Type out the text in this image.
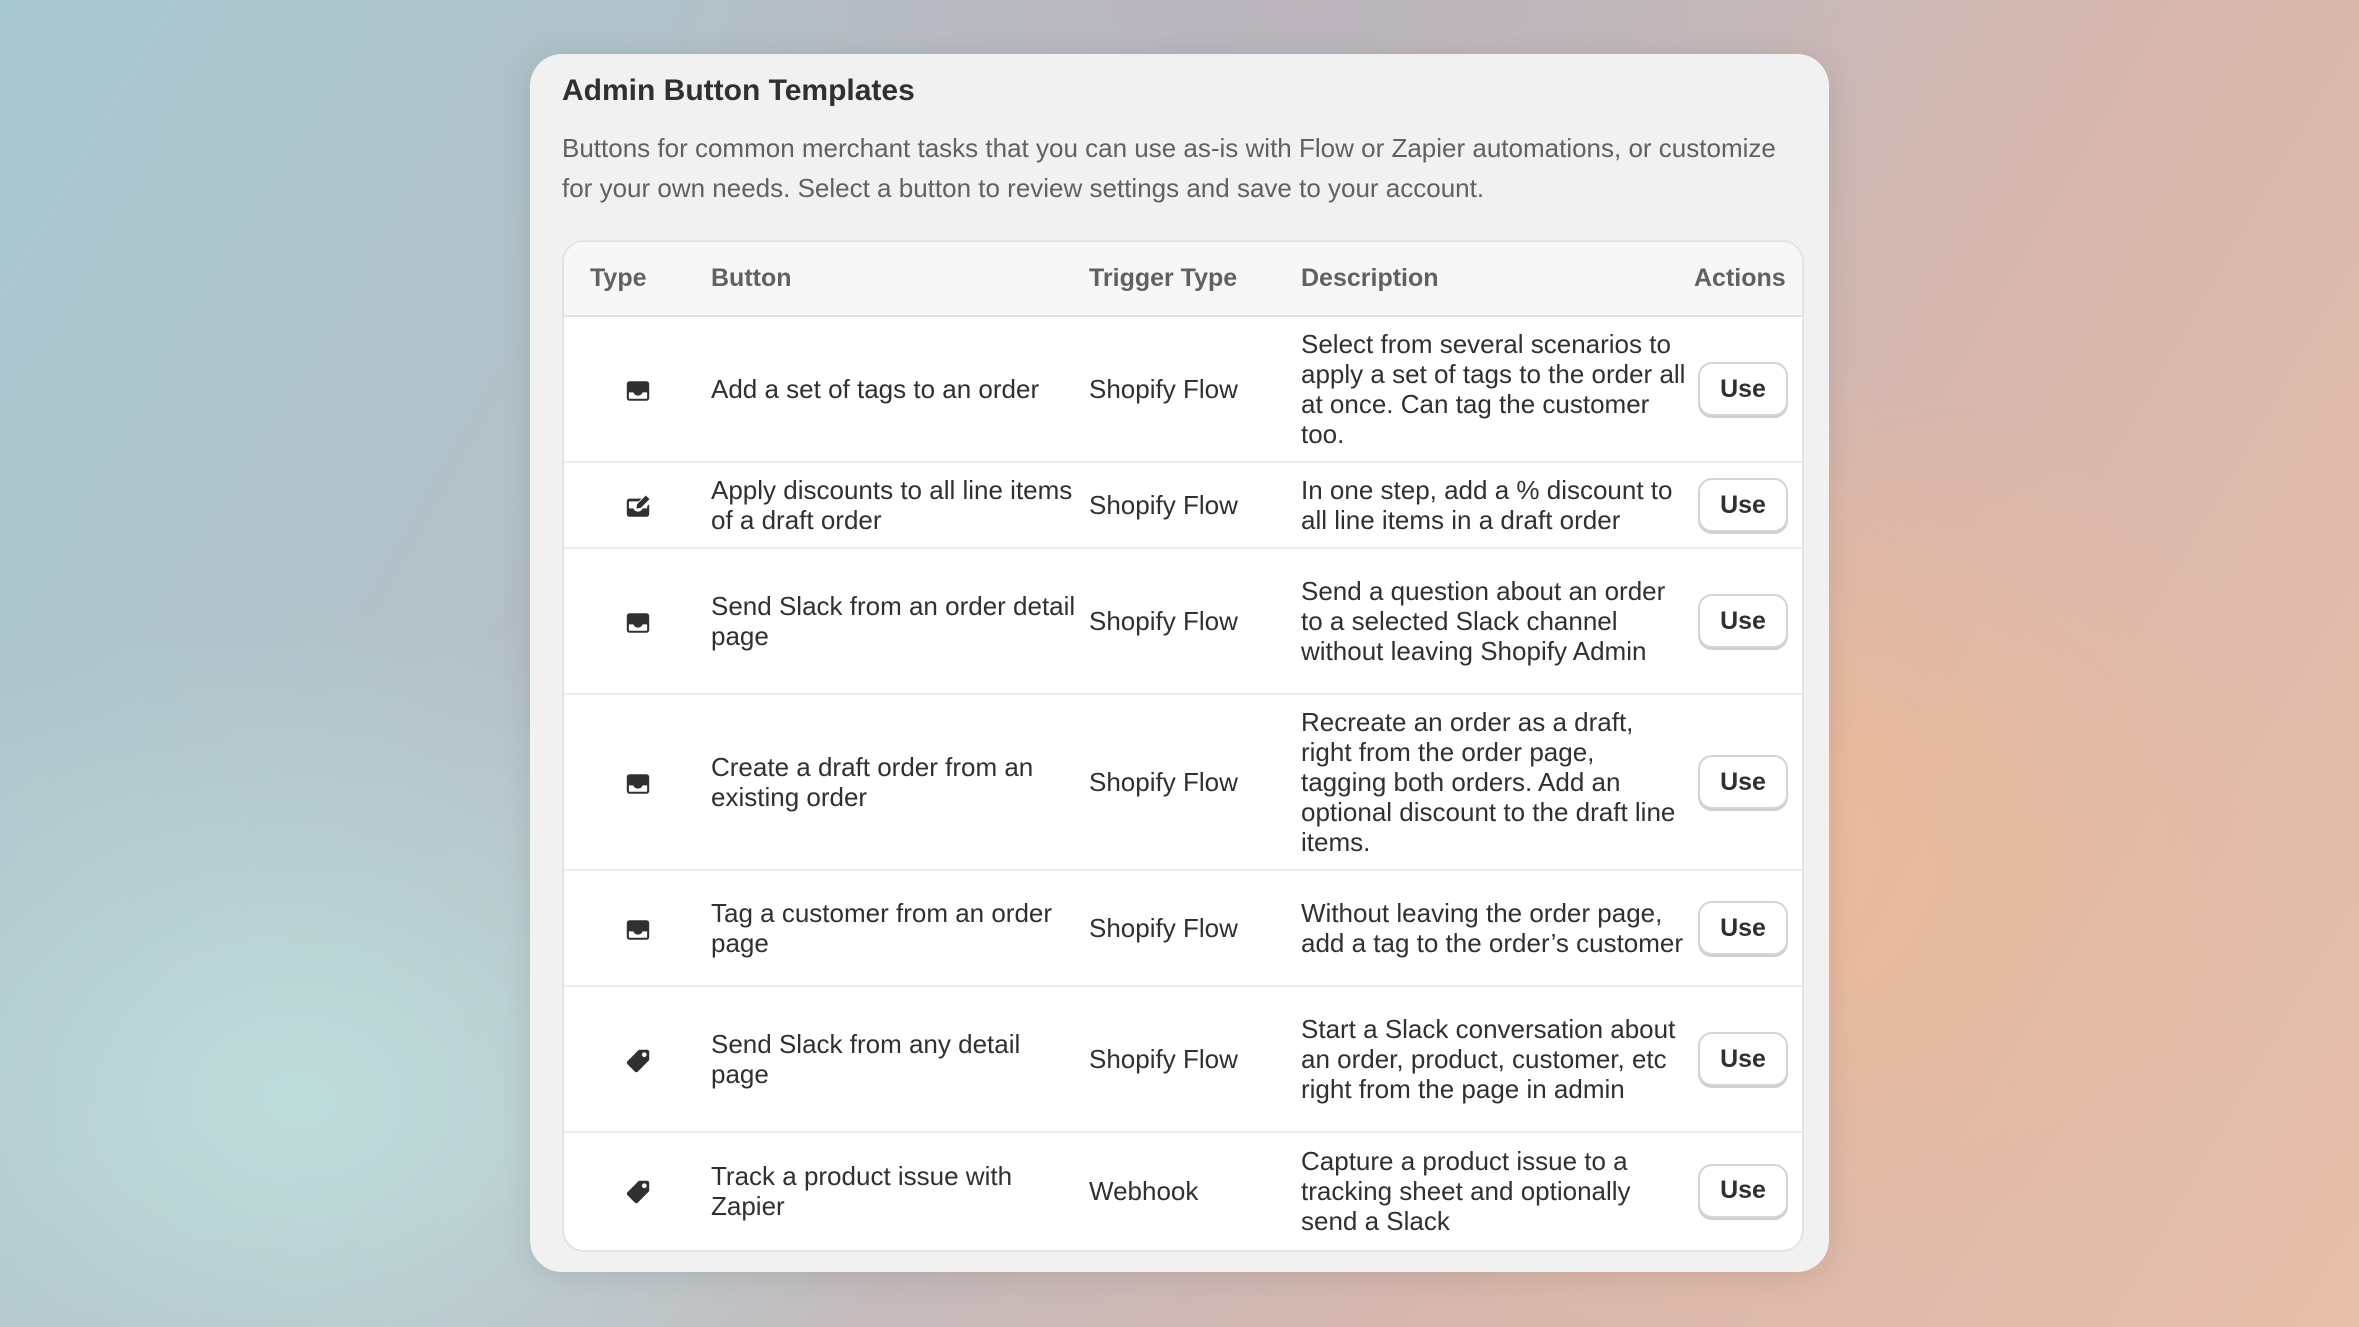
Admin Button Templates
Buttons for common merchant tasks that you can use as-is with Flow or Zapier automations, or customize for your own needs. Select a button to review settings and save to your account.
Type	Button	Trigger Type	Description	Actions
	Add a set of tags to an order	Shopify Flow	Select from several scenarios to apply a set of tags to the order all at once. Can tag the customer too.	Use
	Apply discounts to all line items of a draft order	Shopify Flow	In one step, add a % discount to all line items in a draft order	Use
	Send Slack from an order detail page	Shopify Flow	Send a question about an order to a selected Slack channel without leaving Shopify Admin	Use
	Create a draft order from an existing order	Shopify Flow	Recreate an order as a draft, right from the order page, tagging both orders. Add an optional discount to the draft line items.	Use
	Tag a customer from an order page	Shopify Flow	Without leaving the order page, add a tag to the order’s customer	Use
	Send Slack from any detail page	Shopify Flow	Start a Slack conversation about an order, product, customer, etc right from the page in admin	Use
	Track a product issue with Zapier	Webhook	Capture a product issue to a tracking sheet and optionally send a Slack	Use
